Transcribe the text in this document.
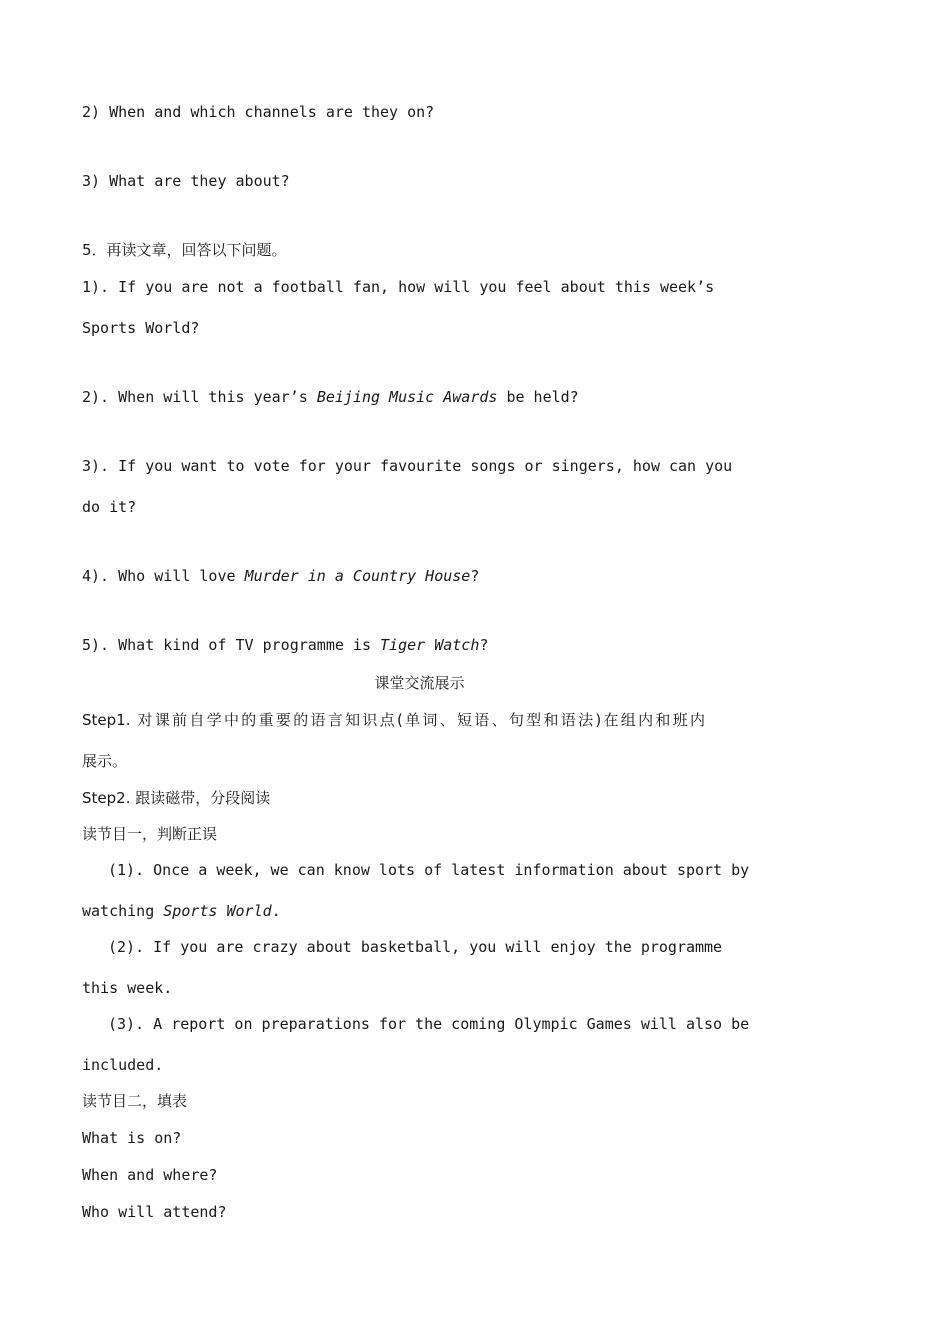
2) When and which channels are they on?
3) What are they about?
5．再读文章，回答以下问题。
1). If you are not a football fan, how will you feel about this week’s
Sports World?
2). When will this year’s Beijing Music Awards be held?
3). If you want to vote for your favourite songs or singers, how can you
do it?
4). Who will love Murder in a Country House?
5). What kind of TV programme is Tiger Watch?
课堂交流展示
Step1. 对课前自学中的重要的语言知识点(单词、短语、句型和语法)在组内和班内
展示。
Step2. 跟读磁带，分段阅读
读节目一，判断正误
(1). Once a week, we can know lots of latest information about sport by
watching Sports World.
(2). If you are crazy about basketball, you will enjoy the programme
this week.
(3). A report on preparations for the coming Olympic Games will also be
included.
读节目二，填表
What is on?
When and where?
Who will attend?
